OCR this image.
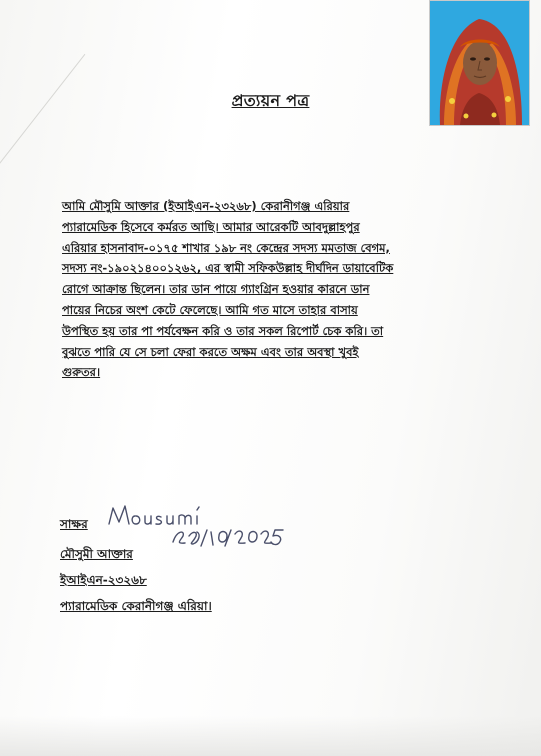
প্রত্যয়ন পত্র
আমি মৌসুমি আক্তার (ইআইএন-২৩২৬৮) কেরানীগঞ্জ এরিয়ার
প্যারামেডিক হিসেবে কর্মরত আছি। আমার আরেকটি আবদুল্লাহপুর
এরিয়ার হাসনাবাদ-০১৭৫ শাখার ১৯৮ নং কেন্দ্রের সদস্য মমতাজ বেগম,
সদস্য নং-১৯০২১৪০০১২৬২, এর স্বামী সফিকউল্লাহ দীর্ঘদিন ডায়াবেটিক
রোগে আক্রান্ত ছিলেন। তার ডান পায়ে গ্যাংগ্রিন হওয়ার কারনে ডান
পায়ের নিচের অংশ কেটে ফেলেছে। আমি গত মাসে তাহার বাসায়
উপস্থিত হয় তার পা পর্যবেক্ষন করি ও তার সকল রিপোর্ট চেক করি। তা
বুঝতে পারি যে সে চলা ফেরা করতে অক্ষম এবং তার অবস্থা খুবই
গুরুতর।
সাক্ষর
মৌসুমী আক্তার
ইআইএন-২৩২৬৮
প্যারামেডিক কেরানীগঞ্জ এরিয়া।
